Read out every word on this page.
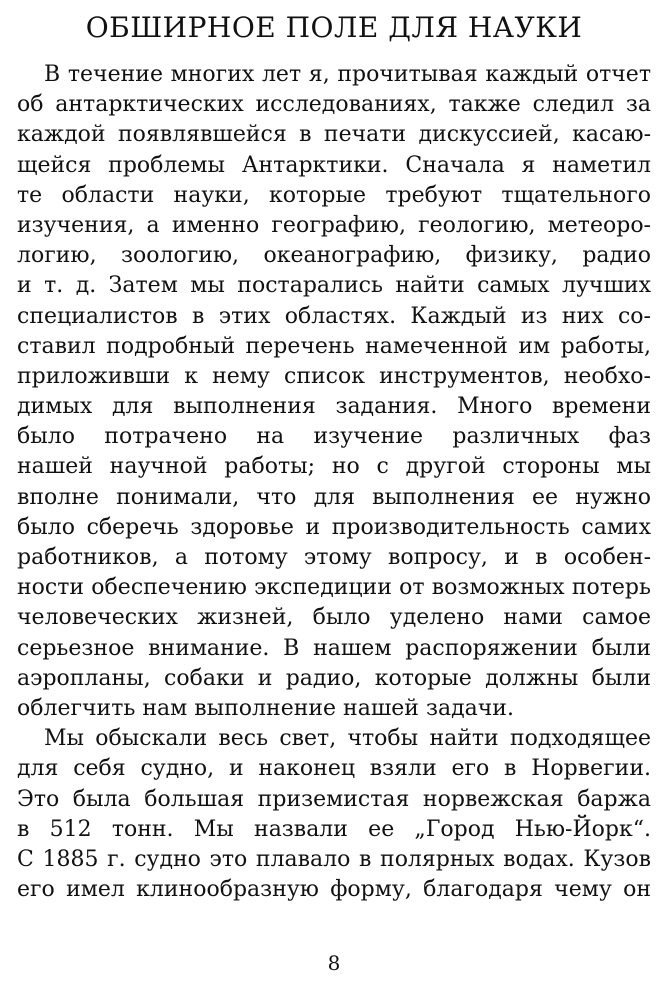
ОБШИРНОЕ ПОЛЕ ДЛЯ НАУКИ
В течение многих лет я, прочитывая каждый отчет
об антарктических исследованиях, также следил за
каждой появлявшейся в печати дискуссией, касаю-
щейся проблемы Антарктики. Сначала я наметил
те области науки, которые требуют тщательного
изучения, а именно географию, геологию, метеоро-
логию, зоологию, океанографию, физику, радио
и т. д. Затем мы постарались найти самых лучших
специалистов в этих областях. Каждый из них со-
ставил подробный перечень намеченной им работы,
приложивши к нему список инструментов, необхо-
димых для выполнения задания. Много времени
было потрачено на изучение различных фаз
нашей научной работы; но с другой стороны мы
вполне понимали, что для выполнения ее нужно
было сберечь здоровье и производительность самих
работников, а потому этому вопросу, и в особен-
ности обеспечению экспедиции от возможных потерь
человеческих жизней, было уделено нами самое
серьезное внимание. В нашем распоряжении были
аэропланы, собаки и радио, которые должны были
облегчить нам выполнение нашей задачи.
Мы обыскали весь свет, чтобы найти подходящее
для себя судно, и наконец взяли его в Норвегии.
Это была большая приземистая норвежская баржа
в 512 тонн. Мы назвали ее „Город Нью-Йорк“.
С 1885 г. судно это плавало в полярных водах. Кузов
его имел клинообразную форму, благодаря чему он
8
